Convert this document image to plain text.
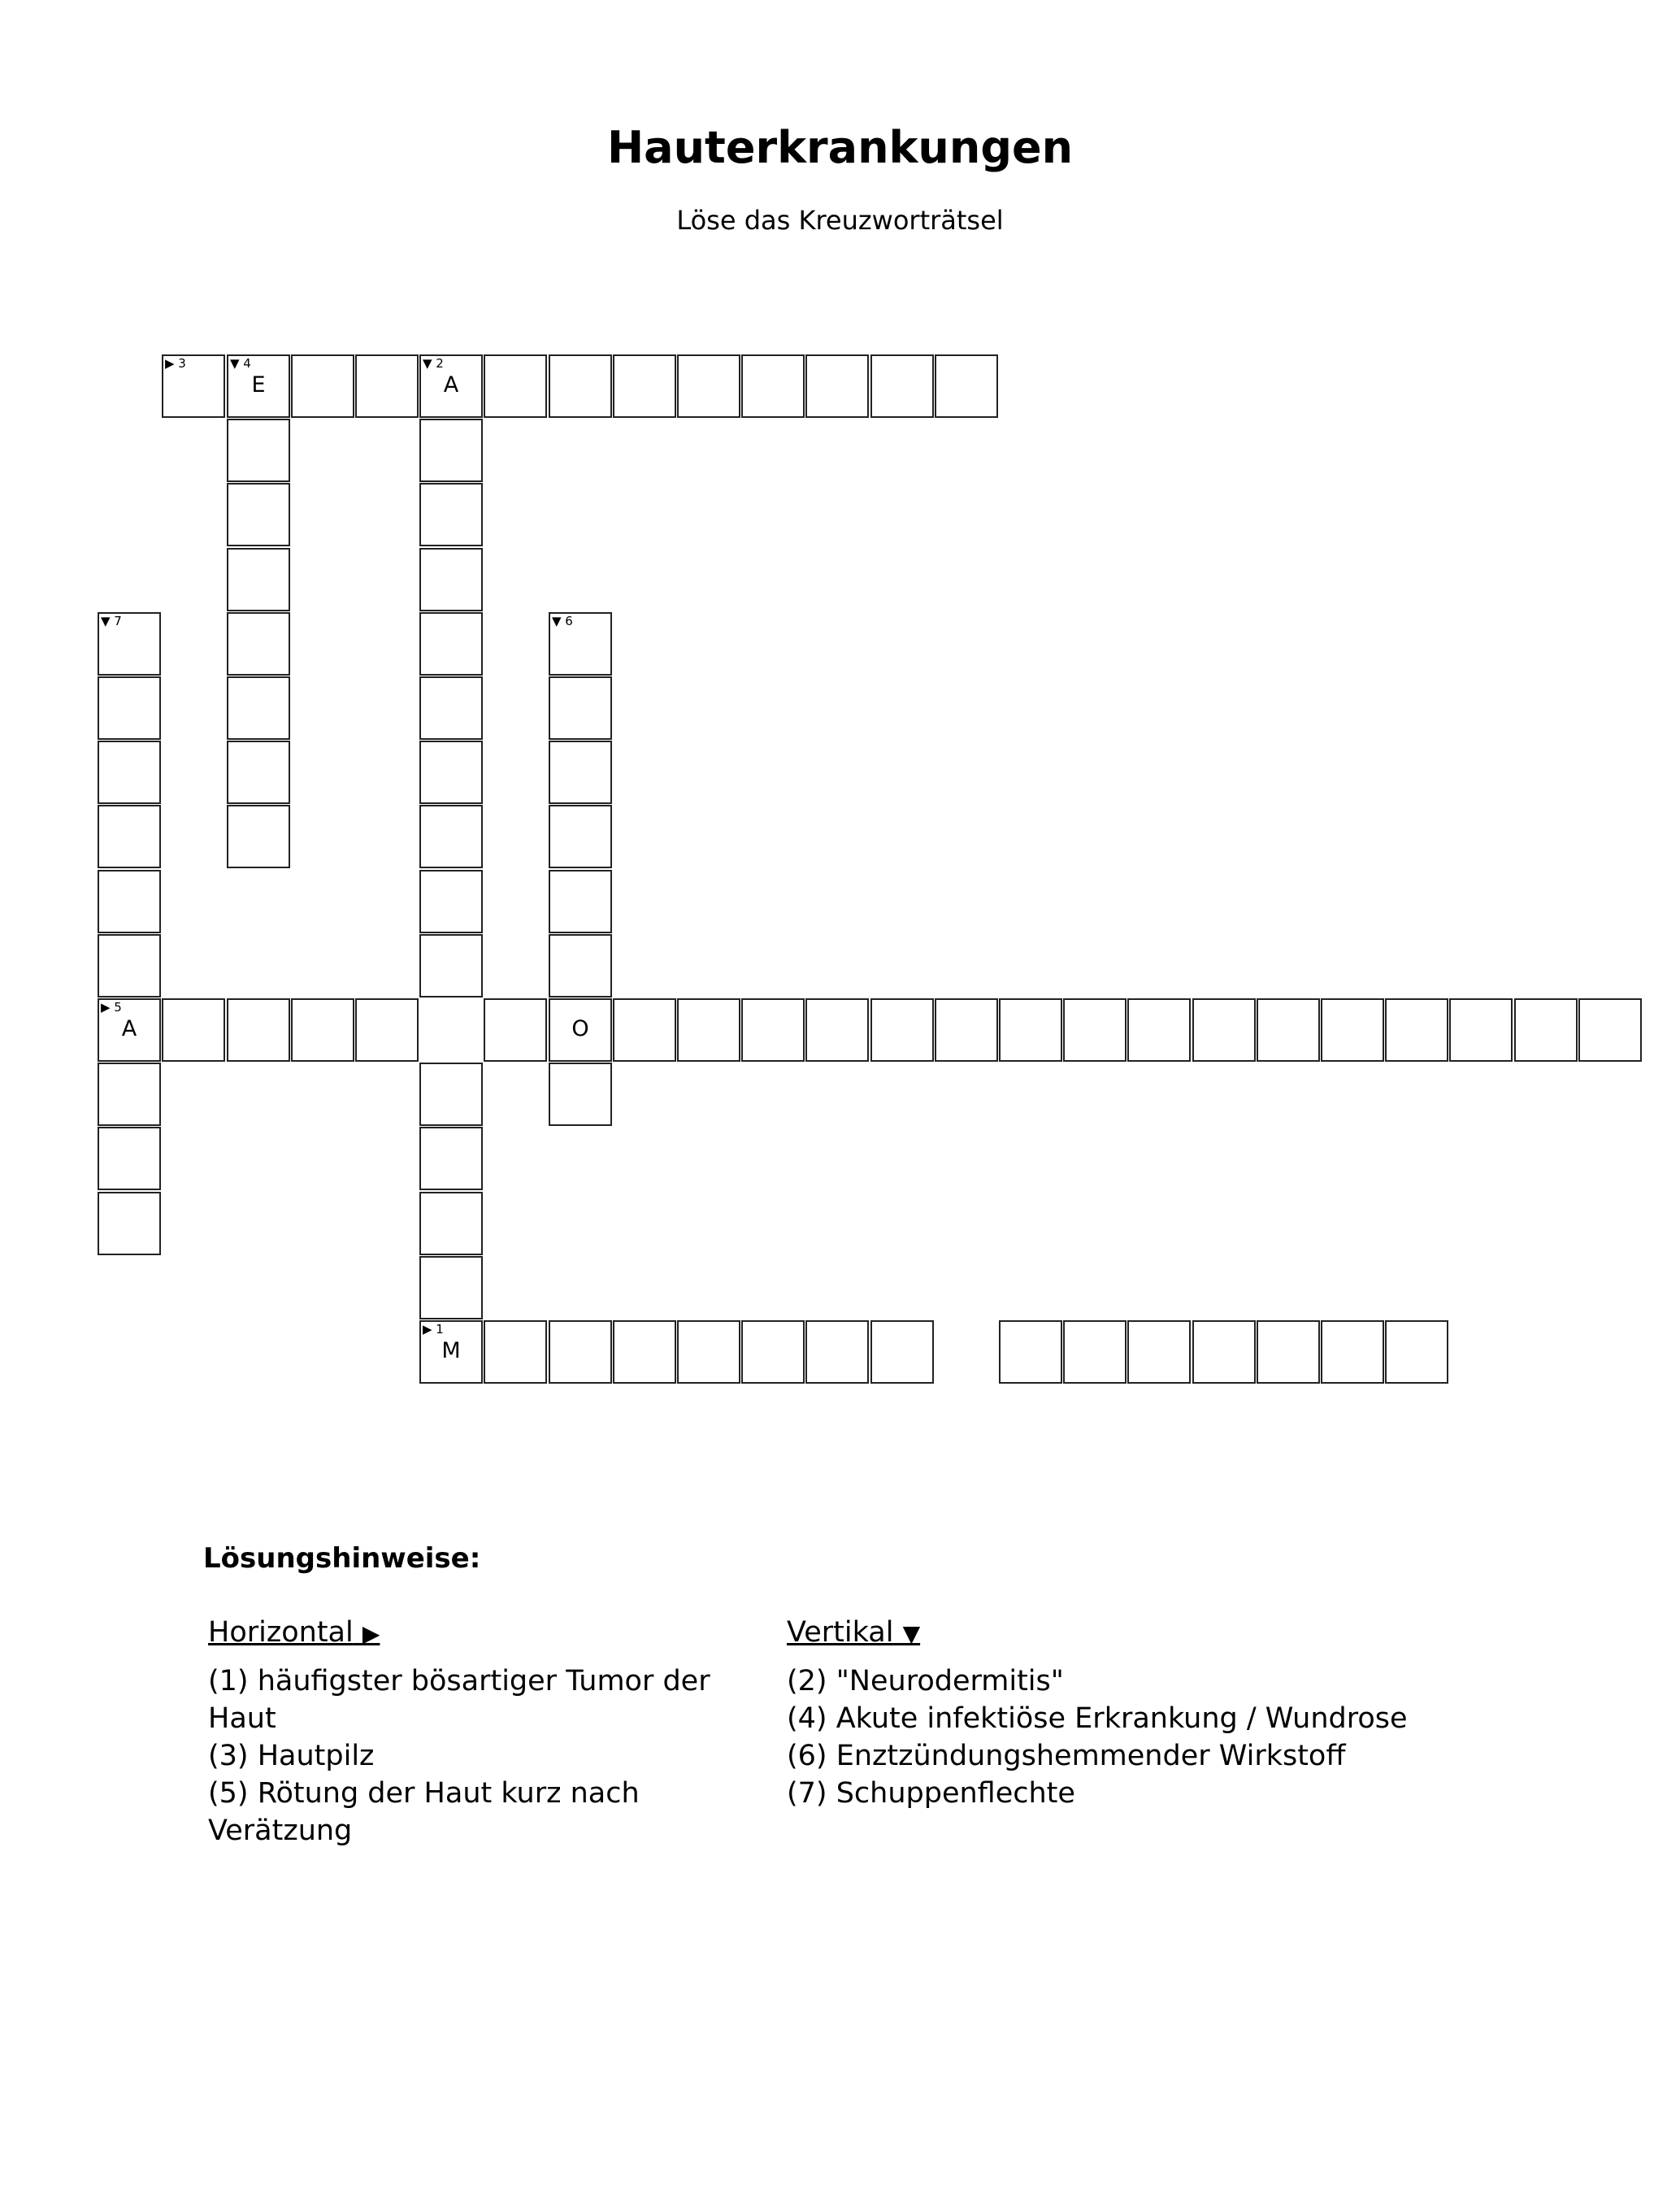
Hauterkrankungen

Löse das Kreuzworträtsel

▶ 3	▼ 4
E
▼ 2
A
▼ 7	▼ 6
▶ 5
A	O
▶ 1
M
Lösungshinweise:

Horizontal ▶

(1) häufigster bösartiger Tumor der Haut

(3) Hautpilz

(5) Rötung der Haut kurz nach Verätzung

Vertikal ▼

(2) "Neurodermitis"

(4) Akute infektiöse Erkrankung / Wundrose

(6) Enztzündungshemmender Wirkstoff

(7) Schuppenflechte
